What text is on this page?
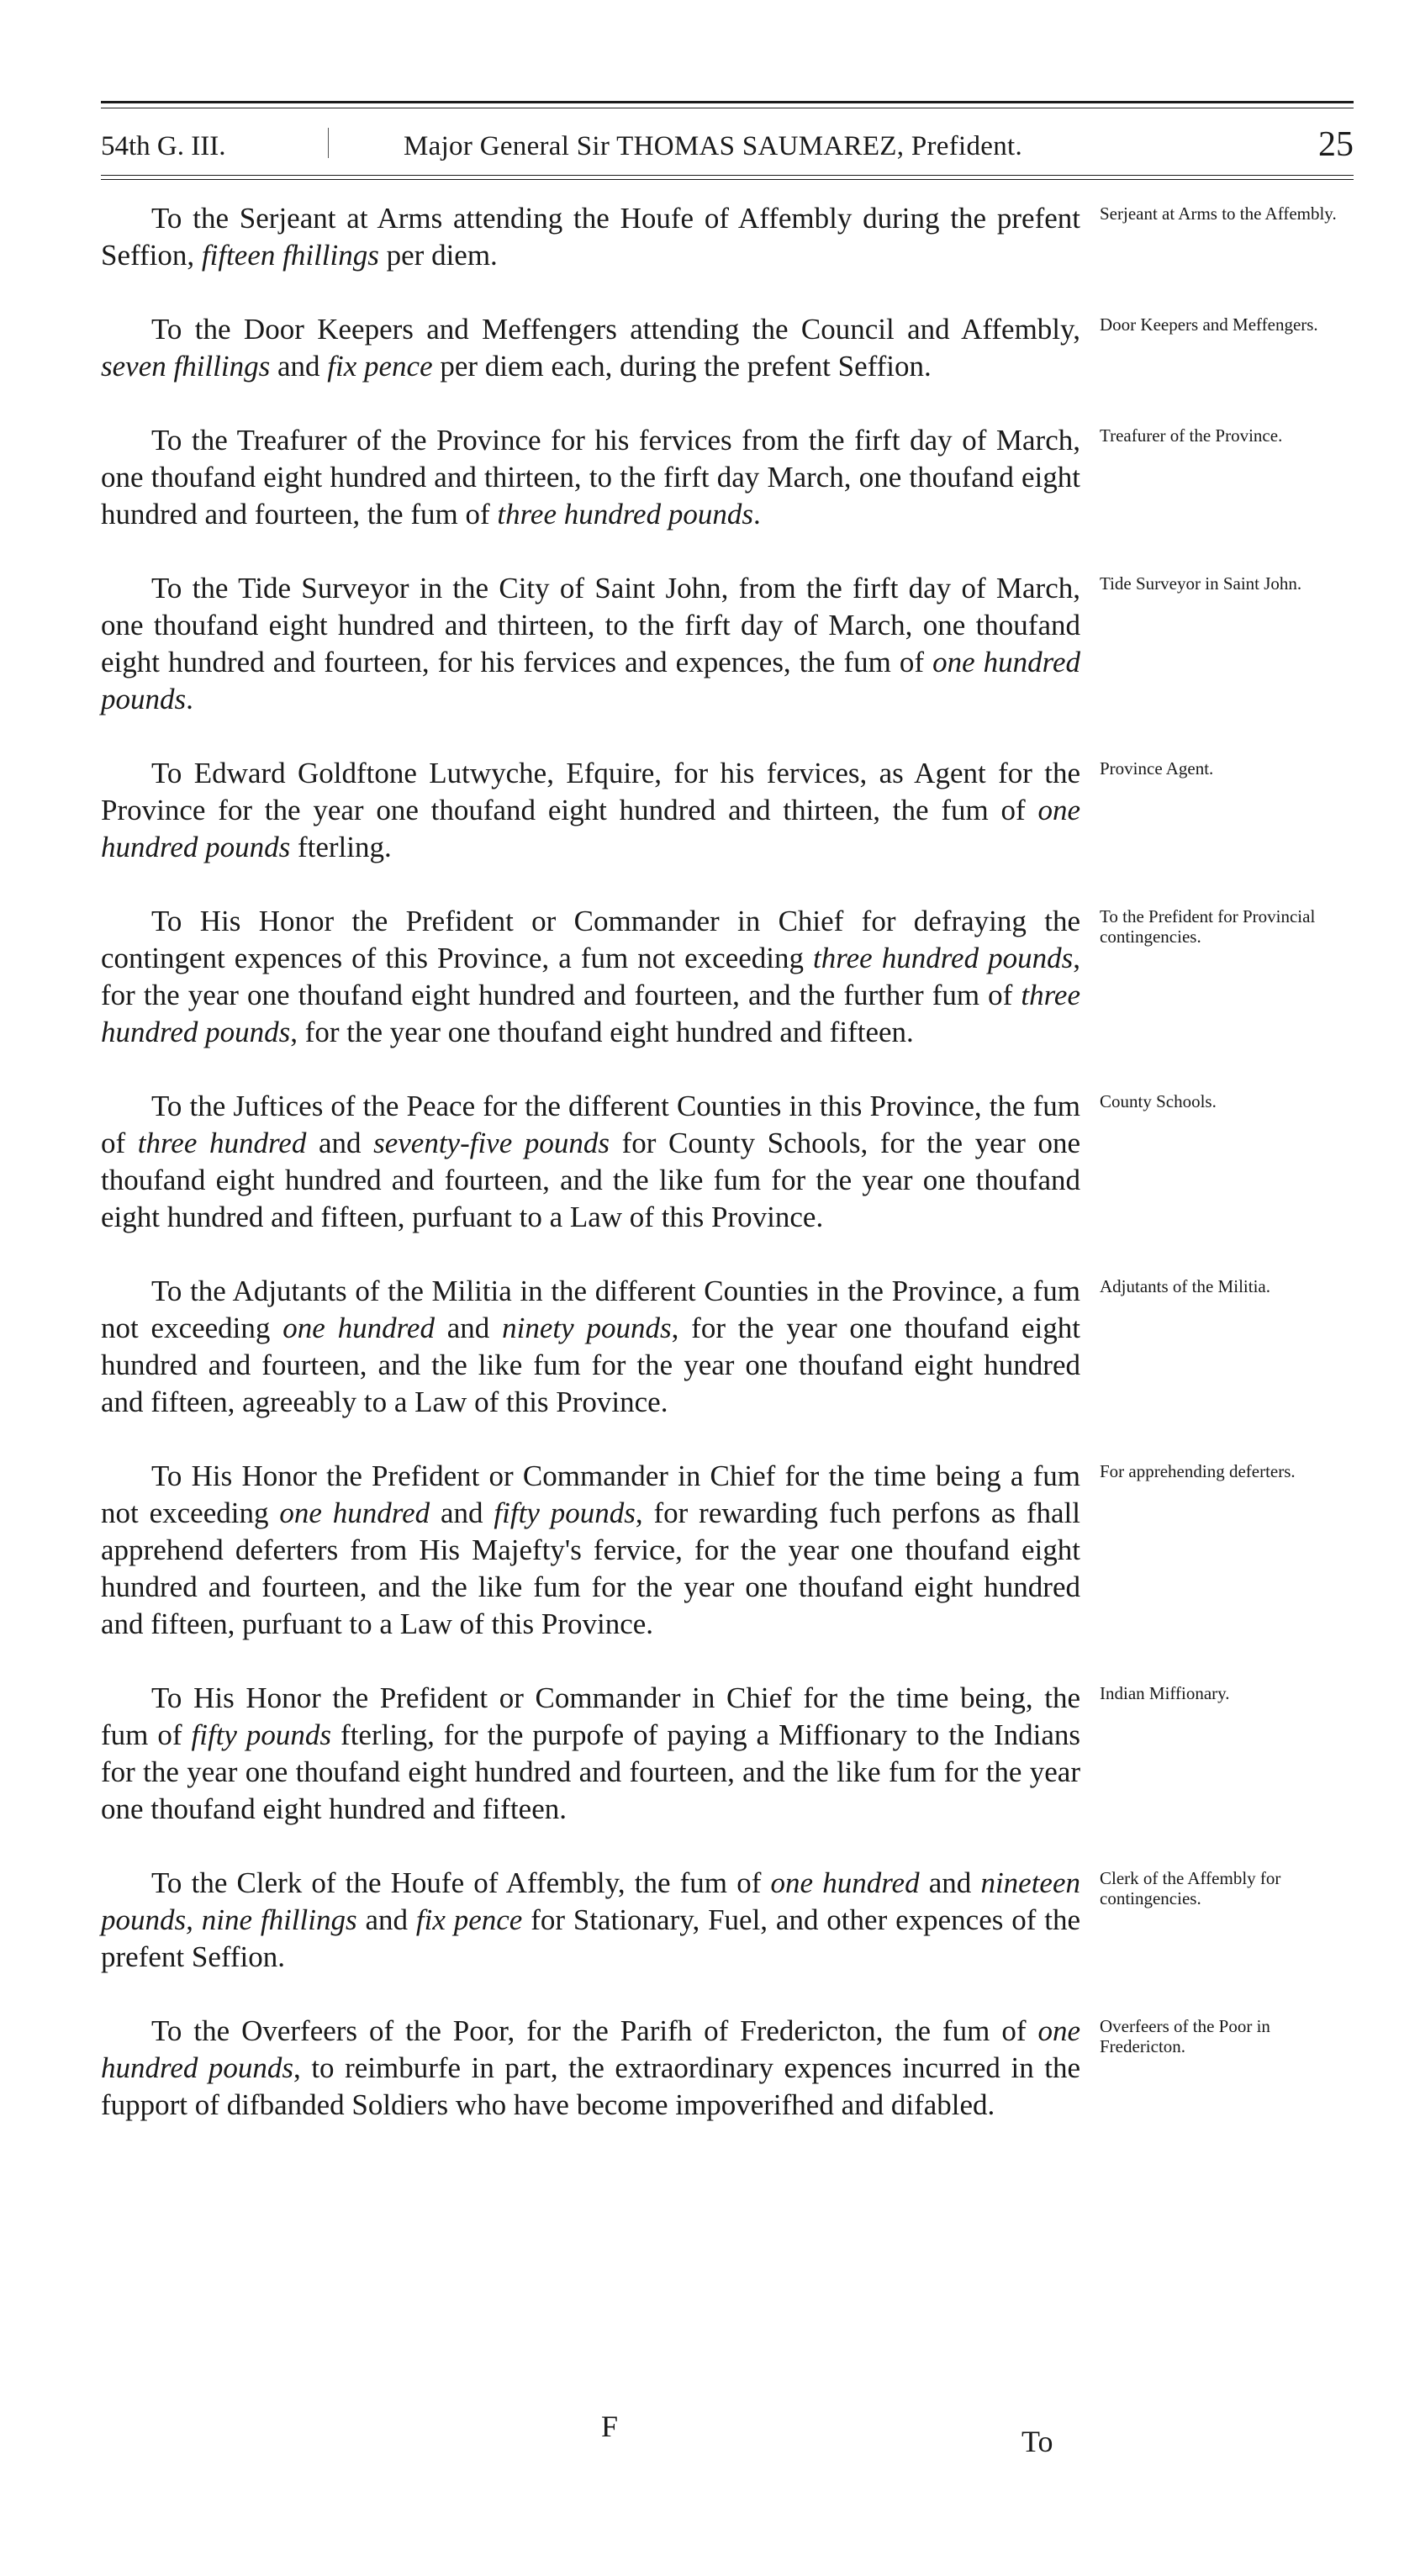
54th G. III.	Major General Sir THOMAS SAUMAREZ, Prefident.	25
To the Serjeant at Arms attending the Houfe of Affembly during the prefent Seffion, fifteen fhillings per diem.
Serjeant at Arms to the Affembly.
To the Door Keepers and Meffengers attending the Council and Affembly, seven fhillings and fix pence per diem each, during the prefent Seffion.
Door Keepers and Meffengers.
To the Treafurer of the Province for his fervices from the firft day of March, one thoufand eight hundred and thirteen, to the firft day March, one thoufand eight hundred and fourteen, the fum of three hundred pounds.
Treafurer of the Province.
To the Tide Surveyor in the City of Saint John, from the firft day of March, one thoufand eight hundred and thirteen, to the firft day of March, one thoufand eight hundred and fourteen, for his fervices and expences, the fum of one hundred pounds.
Tide Surveyor in Saint John.
To Edward Goldftone Lutwyche, Efquire, for his fervices, as Agent for the Province for the year one thoufand eight hundred and thirteen, the fum of one hundred pounds fterling.
Province Agent.
To His Honor the Prefident or Commander in Chief for defraying the contingent expences of this Province, a fum not exceeding three hundred pounds, for the year one thoufand eight hundred and fourteen, and the further fum of three hundred pounds, for the year one thoufand eight hundred and fifteen.
To the Prefident for Provincial contingencies.
To the Juftices of the Peace for the different Counties in this Province, the fum of three hundred and seventy-five pounds for County Schools, for the year one thoufand eight hundred and fourteen, and the like fum for the year one thoufand eight hundred and fifteen, purfuant to a Law of this Province.
County Schools.
To the Adjutants of the Militia in the different Counties in the Province, a fum not exceeding one hundred and ninety pounds, for the year one thoufand eight hundred and fourteen, and the like fum for the year one thoufand eight hundred and fifteen, agreeably to a Law of this Province.
Adjutants of the Militia.
To His Honor the Prefident or Commander in Chief for the time being a fum not exceeding one hundred and fifty pounds, for rewarding fuch perfons as fhall apprehend deferters from His Majefty's fervice, for the year one thoufand eight hundred and fourteen, and the like fum for the year one thoufand eight hundred and fifteen, purfuant to a Law of this Province.
For apprehending deferters.
To His Honor the Prefident or Commander in Chief for the time being, the fum of fifty pounds fterling, for the purpofe of paying a Miffionary to the Indians for the year one thoufand eight hundred and fourteen, and the like fum for the year one thoufand eight hundred and fifteen.
Indian Miffionary.
To the Clerk of the Houfe of Affembly, the fum of one hundred and nineteen pounds, nine fhillings and fix pence for Stationary, Fuel, and other expences of the prefent Seffion.
Clerk of the Affembly for contingencies.
To the Overfeers of the Poor, for the Parifh of Fredericton, the fum of one hundred pounds, to reimburfe in part, the extraordinary expences incurred in the fupport of difbanded Soldiers who have become impoverifhed and difabled.
Overfeers of the Poor in Fredericton.
F	To
